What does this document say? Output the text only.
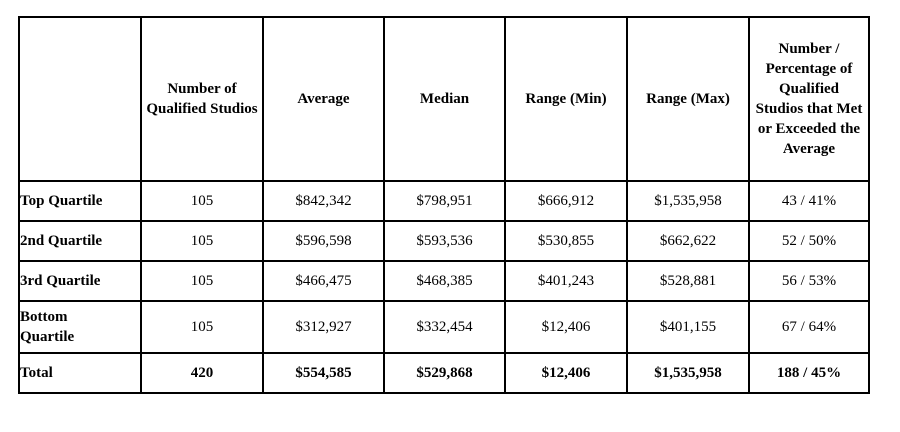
	Number of Qualified Studios	Average	Median	Range (Min)	Range (Max)	Number / Percentage of Qualified Studios that Met or Exceeded the Average

Top Quartile	105	$842,342	$798,951	$666,912	$1,535,958	43 / 41%
2nd Quartile	105	$596,598	$593,536	$530,855	$662,622	52 / 50%
3rd Quartile	105	$466,475	$468,385	$401,243	$528,881	56 / 53%
Bottom Quartile	105	$312,927	$332,454	$12,406	$401,155	67 / 64%
Total	420	$554,585	$529,868	$12,406	$1,535,958	188 / 45%
